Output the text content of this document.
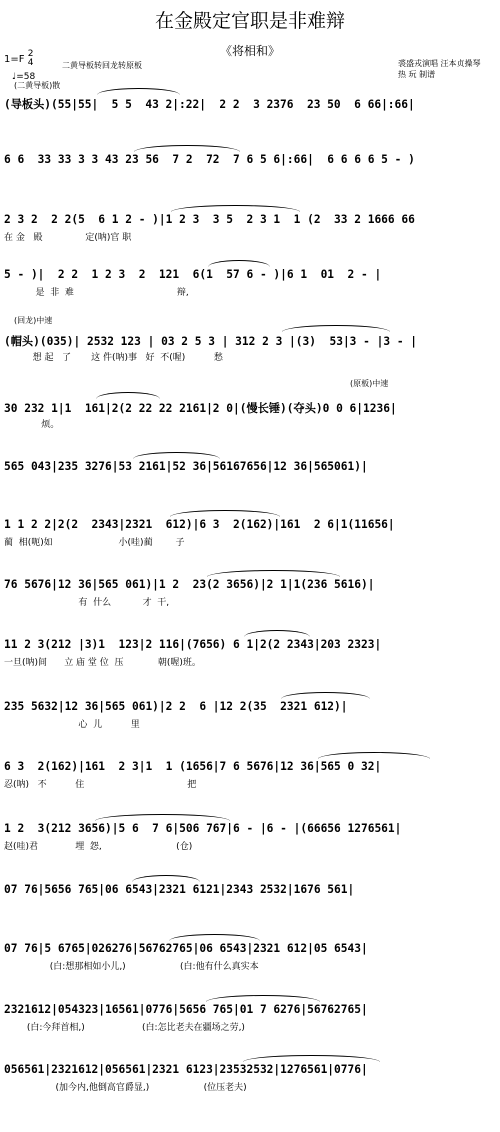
在金殿定官职是非难辩
《将相和》
1=F 2
4
♩=58
二黄导板转回龙转原板	裘盛戎演唱 汪本贞操琴
热 玩 制谱
(二黄导板)散
(导板头)(55|55|  5 5  43 2|:22|  2 2  3 2376  23 50  6 66|:66|
6 6  33 33 3 3 43 23 56  7 2  72  7 6 5 6|:66|  6 6 6 6 5 - )
2 3 2  2 2(5  6 1 2 - )|1 2 3  3 5  2 3 1  1 (2  33 2 1666 66
在 金   殿               定(呐)官 职
5 - )|  2 2  1 2 3  2  121  6(1  57 6 - )|6 1  01  2 - |
是  非  难                                    辩,
(回龙)中速
(帽头)(035)| 2532 123 | 03 2 5 3 | 312 2 3 |(3)  53|3 - |3 - |
想 起   了       这 件(呐)事   好  不(喔)          愁
(原板)中速
30 232 1|1  161|2(2 22 22 2161|2 0|(慢长锤)(夺头)0 0 6|1236|
烦。
565 043|235 3276|53 2161|52 36|56167656|12 36|565061)|
1 1 2 2|2(2  2343|2321  612)|6 3  2(162)|161  2 6|1(11656|
蔺  相(呃)如                       小(哇)蔺        子
76 5676|12 36|565 061)|1 2  23(2 3656)|2 1|1(236 5616)|
有  什么           才  干,
11 2 3(212 |3)1  123|2 116|(7656) 6 1|2(2 2343|203 2323|
一旦(呐)间      立 庙 堂 位  压            朝(喔)班。
235 5632|12 36|565 061)|2 2  6 |12 2(35  2321 612)|
心  儿          里
6 3  2(162)|161  2 3|1  1 (1656|7 6 5676|12 36|565 0 32|
忍(呐)   不          住                                    把
1 2  3(212 3656)|5 6  7 6|506 767|6 - |6 - |(66656 1276561|
赵(哇)君             埋  怨,                          (仓)
07 76|5656 765|06 6543|2321 6121|2343 2532|1676 561|
07 76|5 6765|026276|56762765|06 6543|2321 612|05 6543|
(白:想那相如小儿,)                   (白:他有什么真实本
2321612|054323|16561|0776|5656 765|01 7 6276|56762765|
(白:今拜首相,)                    (白:怎比老夫在疆场之劳,)
056561|2321612|056561|2321 6123|23532532|1276561|0776|
(加今内,他倒高官爵显,)                   (位压老夫)
